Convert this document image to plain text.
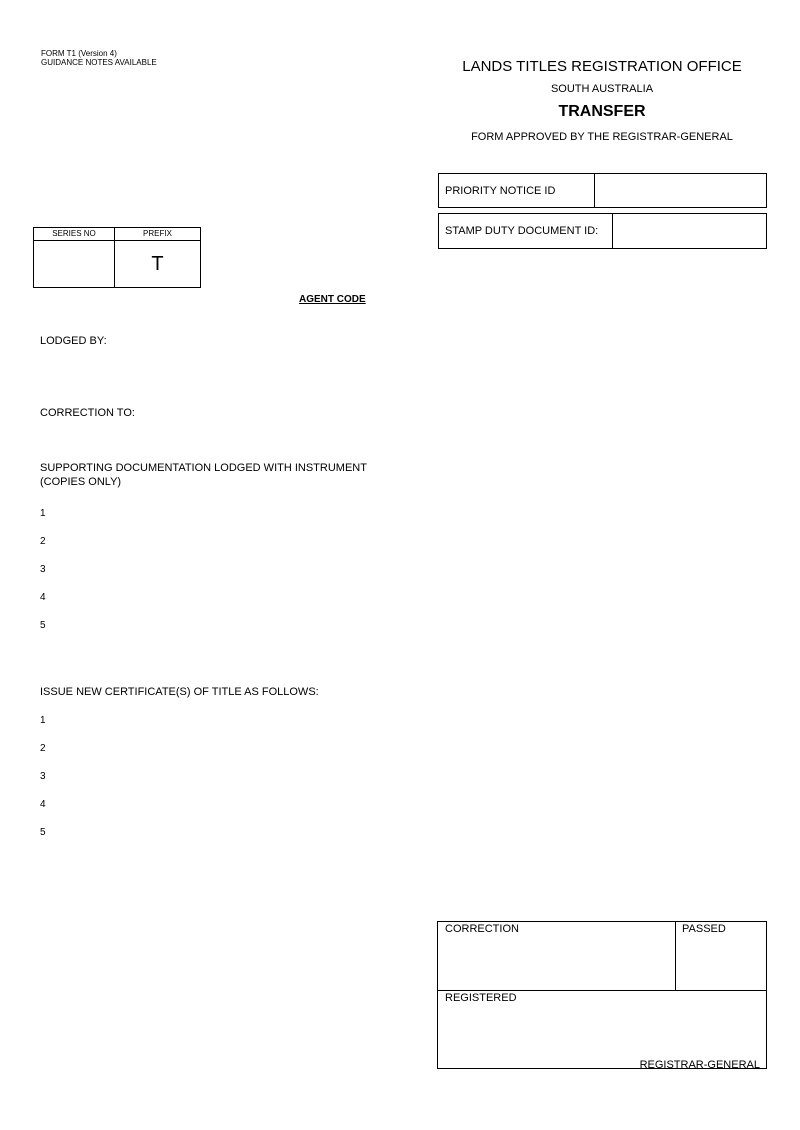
FORM T1 (Version 4)
GUIDANCE NOTES AVAILABLE	LANDS TITLES REGISTRATION OFFICE
SOUTH AUSTRALIA
TRANSFER
FORM APPROVED BY THE REGISTRAR-GENERAL
PRIORITY NOTICE ID
STAMP DUTY DOCUMENT ID:
SERIES NO	PREFIX
T
AGENT CODE
LODGED BY:
CORRECTION TO:
SUPPORTING DOCUMENTATION LODGED WITH INSTRUMENT
(COPIES ONLY)
1
2
3
4
5
ISSUE NEW CERTIFICATE(S) OF TITLE AS FOLLOWS:
1
2
3
4
5
CORRECTION	PASSED
REGISTERED
REGISTRAR-GENERAL
